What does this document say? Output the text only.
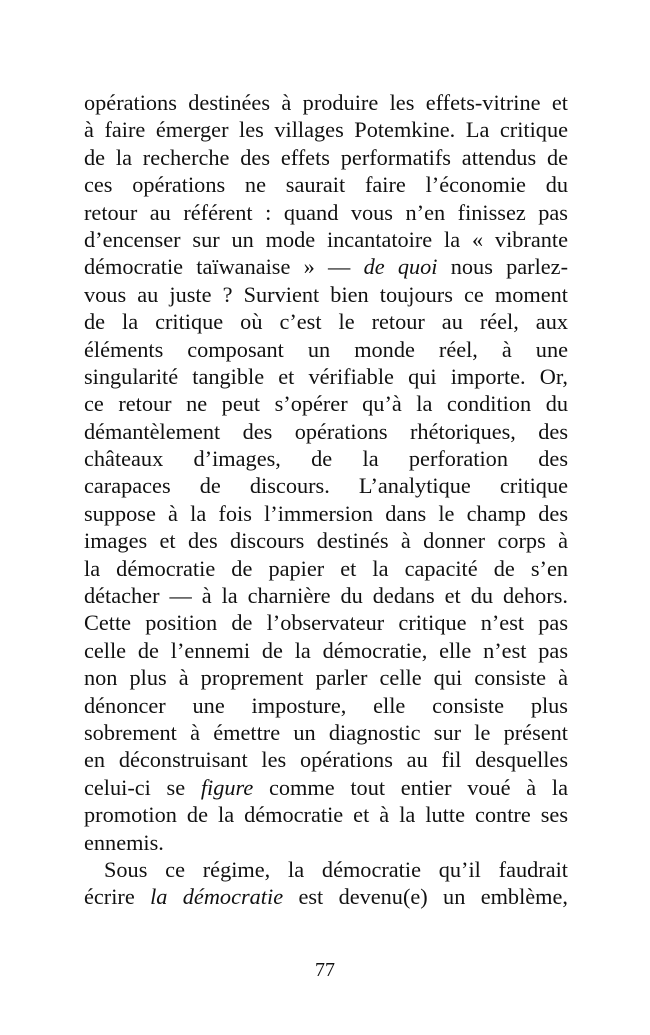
opérations destinées à produire les effets-vitrine et
à faire émerger les villages Potemkine. La critique
de la recherche des effets performatifs attendus de
ces opérations ne saurait faire l’économie du
retour au référent : quand vous n’en finissez pas
d’encenser sur un mode incantatoire la « vibrante
démocratie taïwanaise » — de quoi nous parlez-
vous au juste ? Survient bien toujours ce moment
de la critique où c’est le retour au réel, aux
éléments composant un monde réel, à une
singularité tangible et vérifiable qui importe. Or,
ce retour ne peut s’opérer qu’à la condition du
démantèlement des opérations rhétoriques, des
châteaux d’images, de la perforation des
carapaces de discours. L’analytique critique
suppose à la fois l’immersion dans le champ des
images et des discours destinés à donner corps à
la démocratie de papier et la capacité de s’en
détacher — à la charnière du dedans et du dehors.
Cette position de l’observateur critique n’est pas
celle de l’ennemi de la démocratie, elle n’est pas
non plus à proprement parler celle qui consiste à
dénoncer une imposture, elle consiste plus
sobrement à émettre un diagnostic sur le présent
en déconstruisant les opérations au fil desquelles
celui-ci se figure comme tout entier voué à la
promotion de la démocratie et à la lutte contre ses
ennemis.
Sous ce régime, la démocratie qu’il faudrait
écrire la démocratie est devenu(e) un emblème,
77
